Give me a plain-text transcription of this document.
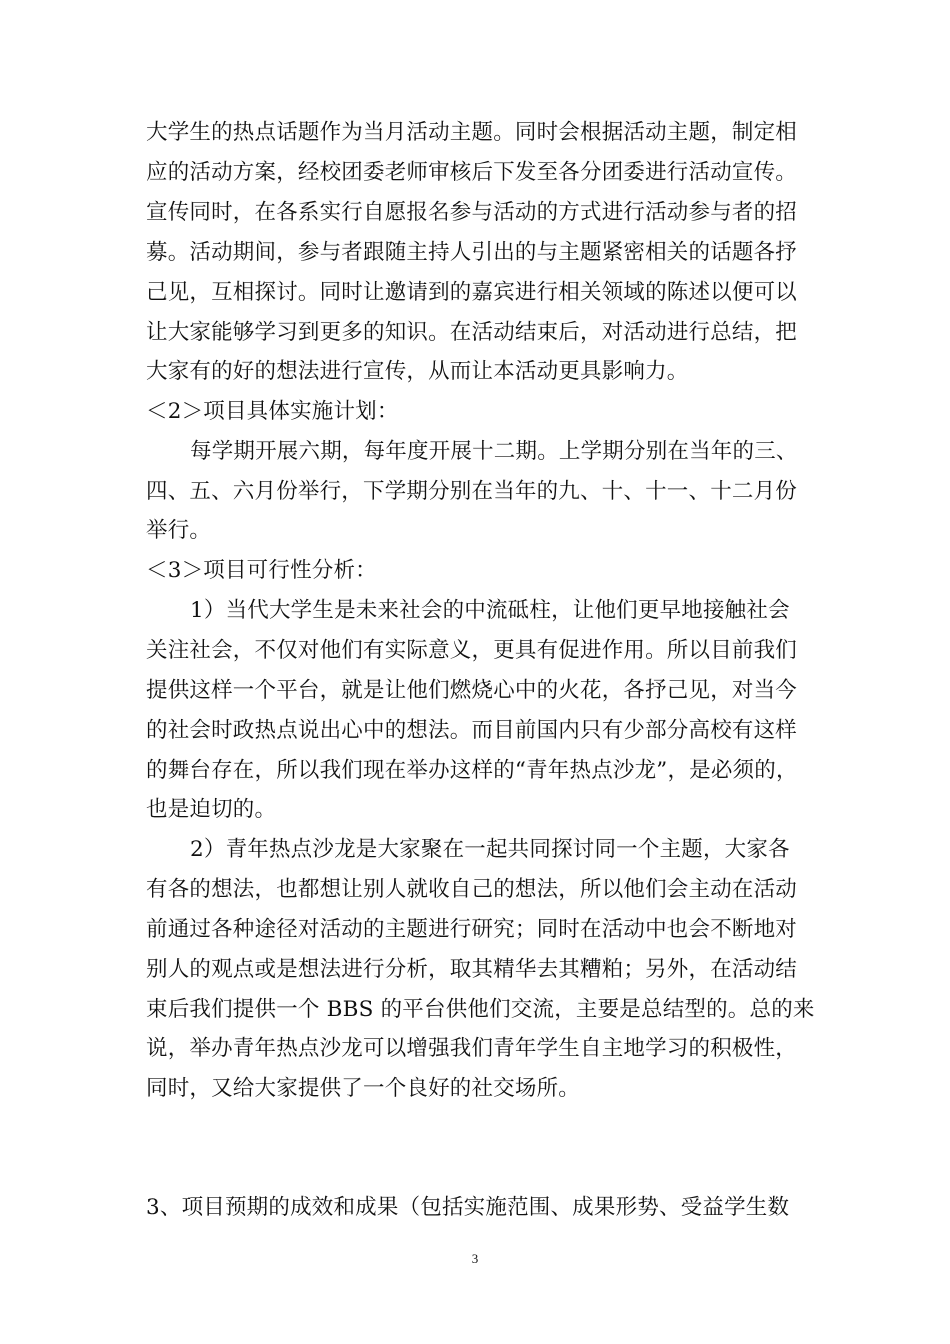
大学生的热点话题作为当月活动主题。同时会根据活动主题，制定相
应的活动方案，经校团委老师审核后下发至各分团委进行活动宣传。
宣传同时，在各系实行自愿报名参与活动的方式进行活动参与者的招
募。活动期间，参与者跟随主持人引出的与主题紧密相关的话题各抒
己见，互相探讨。同时让邀请到的嘉宾进行相关领域的陈述以便可以
让大家能够学习到更多的知识。在活动结束后，对活动进行总结，把
大家有的好的想法进行宣传，从而让本活动更具影响力。
＜2＞项目具体实施计划：
每学期开展六期，每年度开展十二期。上学期分别在当年的三、
四、五、六月份举行，下学期分别在当年的九、十、十一、十二月份
举行。
＜3＞项目可行性分析：
1）当代大学生是未来社会的中流砥柱，让他们更早地接触社会
关注社会，不仅对他们有实际意义，更具有促进作用。所以目前我们
提供这样一个平台，就是让他们燃烧心中的火花，各抒己见，对当今
的社会时政热点说出心中的想法。而目前国内只有少部分高校有这样
的舞台存在，所以我们现在举办这样的“青年热点沙龙”，是必须的，
也是迫切的。
2）青年热点沙龙是大家聚在一起共同探讨同一个主题，大家各
有各的想法，也都想让别人就收自己的想法，所以他们会主动在活动
前通过各种途径对活动的主题进行研究；同时在活动中也会不断地对
别人的观点或是想法进行分析，取其精华去其糟粕；另外，在活动结
束后我们提供一个 BBS 的平台供他们交流，主要是总结型的。总的来
说，举办青年热点沙龙可以增强我们青年学生自主地学习的积极性，
同时，又给大家提供了一个良好的社交场所。
3、项目预期的成效和成果（包括实施范围、成果形势、受益学生数
3
